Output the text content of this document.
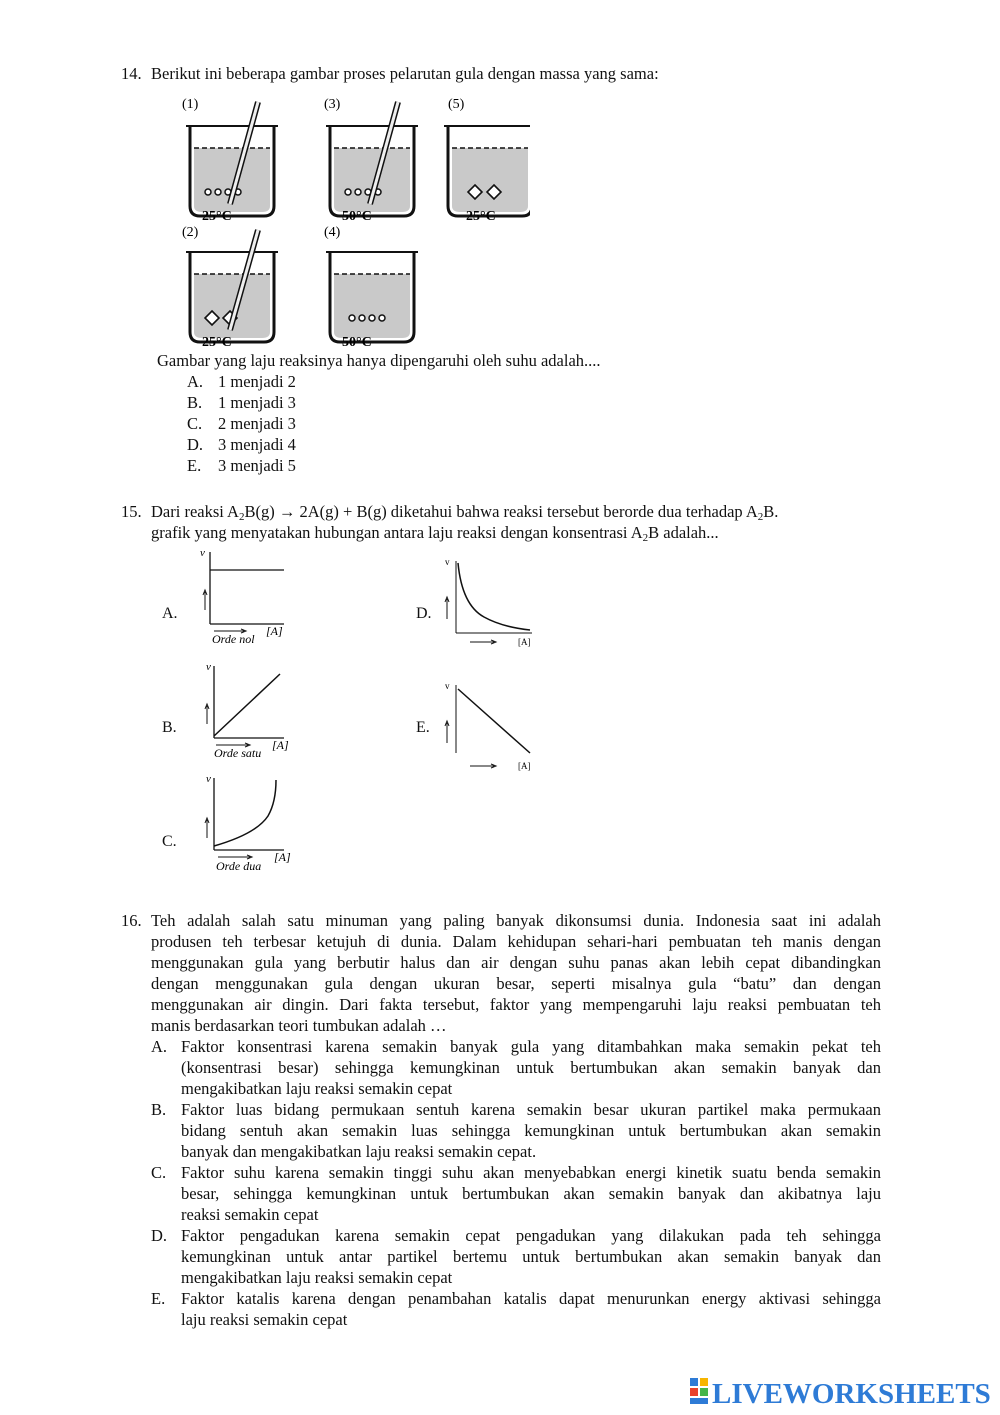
14. Berikut ini beberapa gambar proses pelarutan gula dengan massa yang sama:
(1)
25°C
(3)
50°C
(5)
25°C
(2)
25°C
(4)
50°C
Gambar yang laju reaksinya hanya dipengaruhi oleh suhu adalah....
A. 1 menjadi 2
B. 1 menjadi 3
C. 2 menjadi 3
D. 3 menjadi 4
E. 3 menjadi 5
15. Dari reaksi $A_2B(g) \to 2A(g) + B(g)$ diketahui bahwa reaksi tersebut berorde dua terhadap $A_2B$.
grafik yang menyatakan hubungan antara laju reaksi dengan konsentrasi $A_2B$ adalah...
A.
v
[A]
Orde nol
B.
v
[A]
Orde satu
C.
v
[A]
Orde dua
D.
v
[A]
E.
v
[A]
16. Teh adalah salah satu minuman yang paling banyak dikonsumsi dunia. Indonesia saat ini adalah
produsen teh terbesar ketujuh di dunia. Dalam kehidupan sehari-hari pembuatan teh manis dengan
menggunakan gula yang berbutir halus dan air dengan suhu panas akan lebih cepat dibandingkan
dengan menggunakan gula dengan ukuran besar, seperti misalnya gula “batu” dan dengan
menggunakan air dingin. Dari fakta tersebut, faktor yang mempengaruhi laju reaksi pembuatan teh
manis berdasarkan teori tumbukan adalah …
A. Faktor konsentrasi karena semakin banyak gula yang ditambahkan maka semakin pekat teh
(konsentrasi besar) sehingga kemungkinan untuk bertumbukan akan semakin banyak dan
mengakibatkan laju reaksi semakin cepat
B. Faktor luas bidang permukaan sentuh karena semakin besar ukuran partikel maka permukaan
bidang sentuh akan semakin luas sehingga kemungkinan untuk bertumbukan akan semakin
banyak dan mengakibatkan laju reaksi semakin cepat.
C. Faktor suhu karena semakin tinggi suhu akan menyebabkan energi kinetik suatu benda semakin
besar, sehingga kemungkinan untuk bertumbukan akan semakin banyak dan akibatnya laju
reaksi semakin cepat
D. Faktor pengadukan karena semakin cepat pengadukan yang dilakukan pada teh sehingga
kemungkinan untuk antar partikel bertemu untuk bertumbukan akan semakin banyak dan
mengakibatkan laju reaksi semakin cepat
E. Faktor katalis karena dengan penambahan katalis dapat menurunkan energy aktivasi sehingga
laju reaksi semakin cepat
LIVEWORKSHEETS
